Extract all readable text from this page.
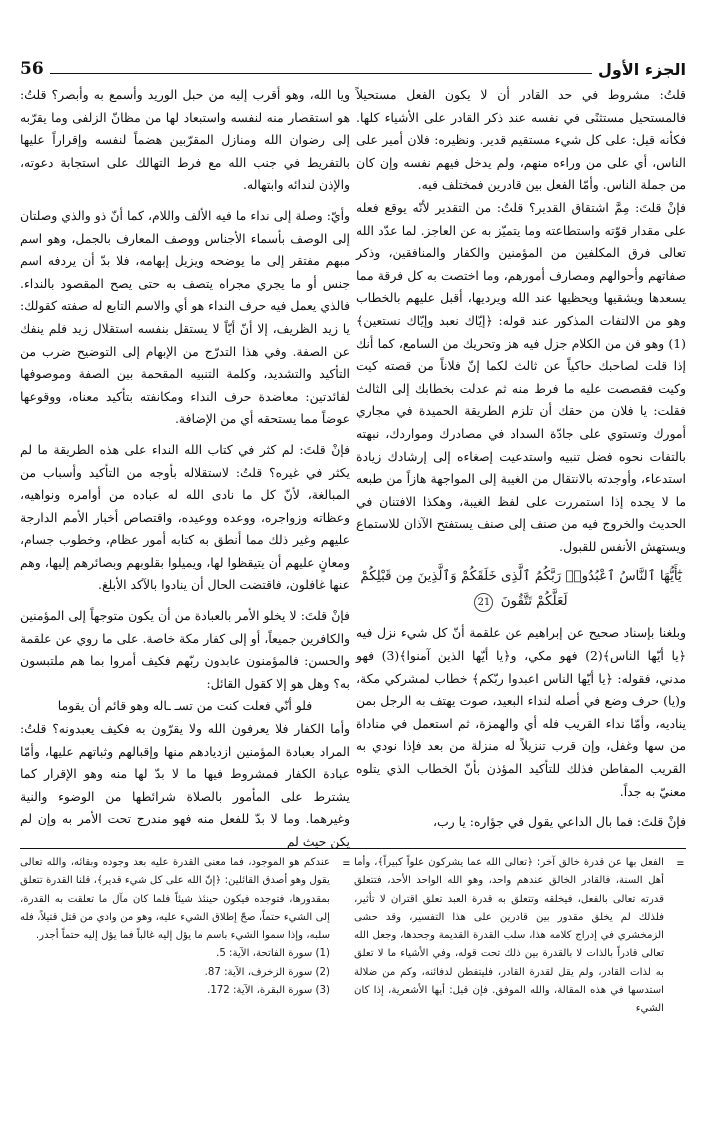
56	الجزء الأول

قلتُ: مشروط في حد القادر أن لا يكون الفعل مستحيلاً فالمستحيل مستثنًى في نفسه عند ذكر القادر على الأشياء كلها. فكأنه قيل: على كل شيء مستقيم قدير. ونظيره: فلان أمير على الناس، أي على من وراءه منهم، ولم يدخل فيهم نفسه وإن كان من جملة الناس. وأمّا الفعل بين قادرين فمختلف فيه.

فإنْ قلتَ: مِمَّ اشتقاق القدير؟ قلتُ: من التقدير لأنّه يوقع فعله على مقدار قوّته واستطاعته وما يتميّز به عن العاجز. لما عدّد الله تعالى فرق المكلفين من المؤمنين والكفار والمنافقين، وذكر صفاتهم وأحوالهم ومصارف أمورهم، وما اختصت به كل فرقة مما يسعدها ويشقيها ويحظيها عند الله ويرديها، أقبل عليهم بالخطاب وهو من الالتفات المذكور عند قوله: ﴿إيّاك نعبد وإيّاك نستعين﴾(1) وهو فن من الكلام جزل فيه هز وتحريك من السامع، كما أنك إذا قلت لصاحبك حاكياً عن ثالث لكما إنّ فلاناً من قصته كيت وكيت فقصصت عليه ما فرط منه ثم عدلت بخطابك إلى الثالث فقلت: يا فلان من حقك أن تلزم الطريقة الحميدة في مجاري أمورك وتستوي على جادّة السداد في مصادرك ومواردك، نبهته بالتفات نحوه فضل تنبيه واستدعيت إصغاءه إلى إرشادك زيادة استدعاء، وأوجدته بالانتقال من الغيبة إلى المواجهة هازاً من طبعه ما لا يجده إذا استمررت على لفظ الغيبة، وهكذا الافتنان في الحديث والخروج فيه من صنف إلى صنف يستفتح الآذان للاستماع ويستهش الأنفس للقبول.

يَٰٓأَيُّهَا ٱلنَّاسُ ٱعْبُدُوا۟ رَبَّكُمُ ٱلَّذِى خَلَقَكُمْ وَٱلَّذِينَ مِن قَبْلِكُمْ لَعَلَّكُمْ تَتَّقُونَ 21

وبلغنا بإسناد صحيح عن إبراهيم عن علقمة أنّ كل شيء نزل فيه ﴿يا أيّها الناس﴾(2) فهو مكي، و﴿يا أيّها الذين آمنوا﴾(3) فهو مدني، فقوله: ﴿يا أيّها الناس اعبدوا ربّكم﴾ خطاب لمشركي مكة، و(يا) حرف وضع في أصله لنداء البعيد، صوت يهتف به الرجل بمن يناديه، وأمّا نداء القريب فله أي والهمزة، ثم استعمل في مناداة من سها وغفل، وإن قرب تنزيلاً له منزلة من بعد فإذا نودي به القريب المفاطن فذلك للتأكيد المؤذن بأنّ الخطاب الذي يتلوه معنيّ به جداً.

فإنْ قلتَ: فما بال الداعي يقول في جؤاره: يا رب،

ويا الله، وهو أقرب إليه من حبل الوريد وأسمع به وأبصر؟ قلتُ: هو استقصار منه لنفسه واستبعاد لها من مظانّ الزلفى وما يقرّبه إلى رضوان الله ومنازل المقرّبين هضماً لنفسه وإقراراً عليها بالتفريط في جنب الله مع فرط التهالك على استجابة دعوته، والإذن لندائه وابتهاله.

وأيّ: وصلة إلى نداء ما فيه الألف واللام، كما أنّ ذو والذي وصلتان إلى الوصف بأسماء الأجناس ووصف المعارف بالجمل، وهو اسم مبهم مفتقر إلى ما يوضحه ويزيل إبهامه، فلا بدّ أن يردفه اسم جنس أو ما يجري مجراه يتصف به حتى يصح المقصود بالنداء. فالذي يعمل فيه حرف النداء هو أي والاسم التابع له صفته كقولك: يا زيد الظريف، إلا أنّ أيّاً لا يستقل بنفسه استقلال زيد فلم ينفك عن الصفة. وفي هذا التدرّج من الإبهام إلى التوضيح ضرب من التأكيد والتشديد، وكلمة التنبيه المقحمة بين الصفة وموصوفها لفائدتين: معاضدة حرف النداء ومكانفته بتأكيد معناه، ووقوعها عوضاً مما يستحقه أي من الإضافة.

فإنْ قلتَ: لم كثر في كتاب الله النداء على هذه الطريقة ما لم يكثر في غيره؟ قلتُ: لاستقلاله بأوجه من التأكيد وأسباب من المبالغة، لأنّ كل ما نادى الله له عباده من أوامره ونواهيه، وعظاته وزواجره، ووعده ووعيده، واقتصاص أخبار الأمم الدارجة عليهم وغير ذلك مما أنطق به كتابه أمور عظام، وخطوب جسام، ومعانٍ عليهم أن يتيقظوا لها، ويميلوا بقلوبهم وبصائرهم إليها، وهم عنها غافلون، فاقتضت الحال أن ينادوا بالآكد الأبلغ.

فإنْ قلتَ: لا يخلو الأمر بالعبادة من أن يكون متوجهاً إلى المؤمنين والكافرين جميعاً، أو إلى كفار مكة خاصة. على ما روي عن علقمة والحسن: فالمؤمنون عابدون ربّهم فكيف أمروا بما هم ملتبسون به؟ وهل هو إلا كقول القائل:

فلو أنّي فعلت كنت من تسـ ـاله وهو قائم أن يقوما

وأما الكفار فلا يعرفون الله ولا يقرّون به فكيف يعبدونه؟ قلتُ: المراد بعبادة المؤمنين ازديادهم منها وإقبالهم وثباتهم عليها، وأمّا عبادة الكفار فمشروط فيها ما لا بدّ لها منه وهو الإقرار كما يشترط على المأمور بالصلاة شرائطها من الوضوء والنية وغيرهما. وما لا بدّ للفعل منه فهو مندرج تحت الأمر به وإن لم يكن حيث لم

=

الفعل بها عن قدرة خالق آخر: ﴿تعالى الله عما يشركون علواً كبيراً﴾، وأما أهل السنة، فالقادر الخالق عندهم واحد، وهو الله الواحد الأحد، فتتعلق قدرته تعالى بالفعل، فيخلقه وتتعلق به قدرة العبد تعلق اقتران لا تأثير، فلذلك لم يخلق مقدور بين قادرين على هذا التفسير، وقد حشى الزمخشري في إدراج كلامه هذا، سلب القدرة القديمة وجحدها، وجعل الله تعالى قادراً بالذات لا بالقدرة بين ذلك تحت قوله، وفي الأشياء ما لا تعلق به لذات القادر، ولم يقل لقدرة القادر، فليتفطن لدفائنه، وكم من ضلالة استدسها في هذه المقالة، والله الموفق. فإن قيل: أيها الأشعرية، إذا كان الشيء

=

عندكم هو الموجود، فما معنى القدرة عليه بعد وجوده وبقائه، والله تعالى يقول وهو أصدق القائلين: ﴿إنّ الله على كل شيء قدير﴾، قلنا القدرة تتعلق بمقدورها، فتوجده فيكون حينئذ شيئاً فلما كان مآل ما تعلقت به القدرة، إلى الشيء حتماً، صحّ إطلاق الشيء عليه، وهو من وادي من قتل قتيلاً، فله سلبه، وإذا سموا الشيء باسم ما يؤل إليه غالباً فما يؤل إليه حتماً أجدر.

(1) سورة الفاتحة، الآية: 5.
(2) سورة الزخرف، الآية: 87.
(3) سورة البقرة، الآية: 172.
